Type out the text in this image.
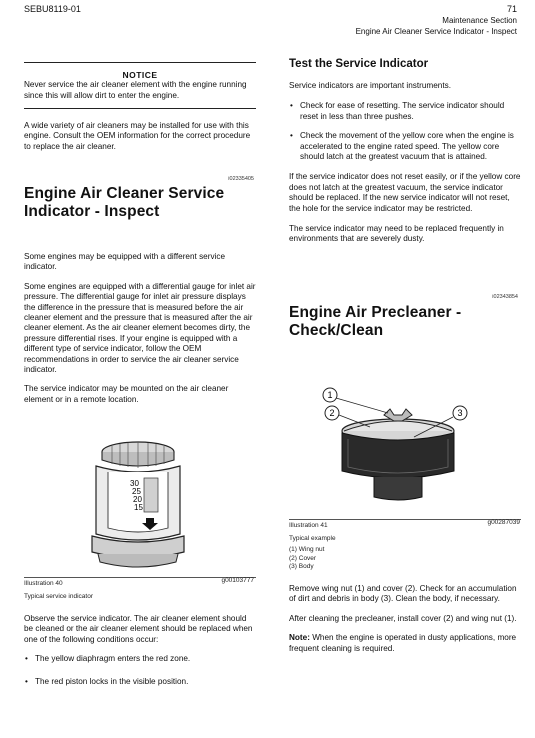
SEBU8119-01	71
Maintenance Section
Engine Air Cleaner Service Indicator - Inspect
NOTICE

Never service the air cleaner element with the engine running since this will allow dirt to enter the engine.

A wide variety of air cleaners may be installed for use with this engine. Consult the OEM information for the correct procedure to replace the air cleaner.

i02335405
Engine Air Cleaner Service Indicator - Inspect

Some engines may be equipped with a different service indicator.

Some engines are equipped with a differential gauge for inlet air pressure. The differential gauge for inlet air pressure displays the difference in the pressure that is measured before the air cleaner element and the pressure that is measured after the air cleaner element. As the air cleaner element becomes dirty, the pressure differential rises. If your engine is equipped with a different type of service indicator, follow the OEM recommendations in order to service the air cleaner service indicator.

The service indicator may be mounted on the air cleaner element or in a remote location.

30
25
20
15
Illustration 40	g00103777
Typical service indicator

Observe the service indicator. The air cleaner element should be cleaned or the air cleaner element should be replaced when one of the following conditions occur:

• The yellow diaphragm enters the red zone.
• The red piston locks in the visible position.
Test the Service Indicator

Service indicators are important instruments.

• Check for ease of resetting. The service indicator should reset in less than three pushes.
• Check the movement of the yellow core when the engine is accelerated to the engine rated speed. The yellow core should latch at the greatest vacuum that is attained.

If the service indicator does not reset easily, or if the yellow core does not latch at the greatest vacuum, the service indicator should be replaced. If the new service indicator will not reset, the hole for the service indicator may be restricted.

The service indicator may need to be replaced frequently in environments that are severely dusty.

i02343854
Engine Air Precleaner - Check/Clean
1
2	3
Illustration 41	g00287039
Typical example
(1) Wing nut
(2) Cover
(3) Body

Remove wing nut (1) and cover (2). Check for an accumulation of dirt and debris in body (3). Clean the body, if necessary.

After cleaning the precleaner, install cover (2) and wing nut (1).

Note: When the engine is operated in dusty applications, more frequent cleaning is required.
